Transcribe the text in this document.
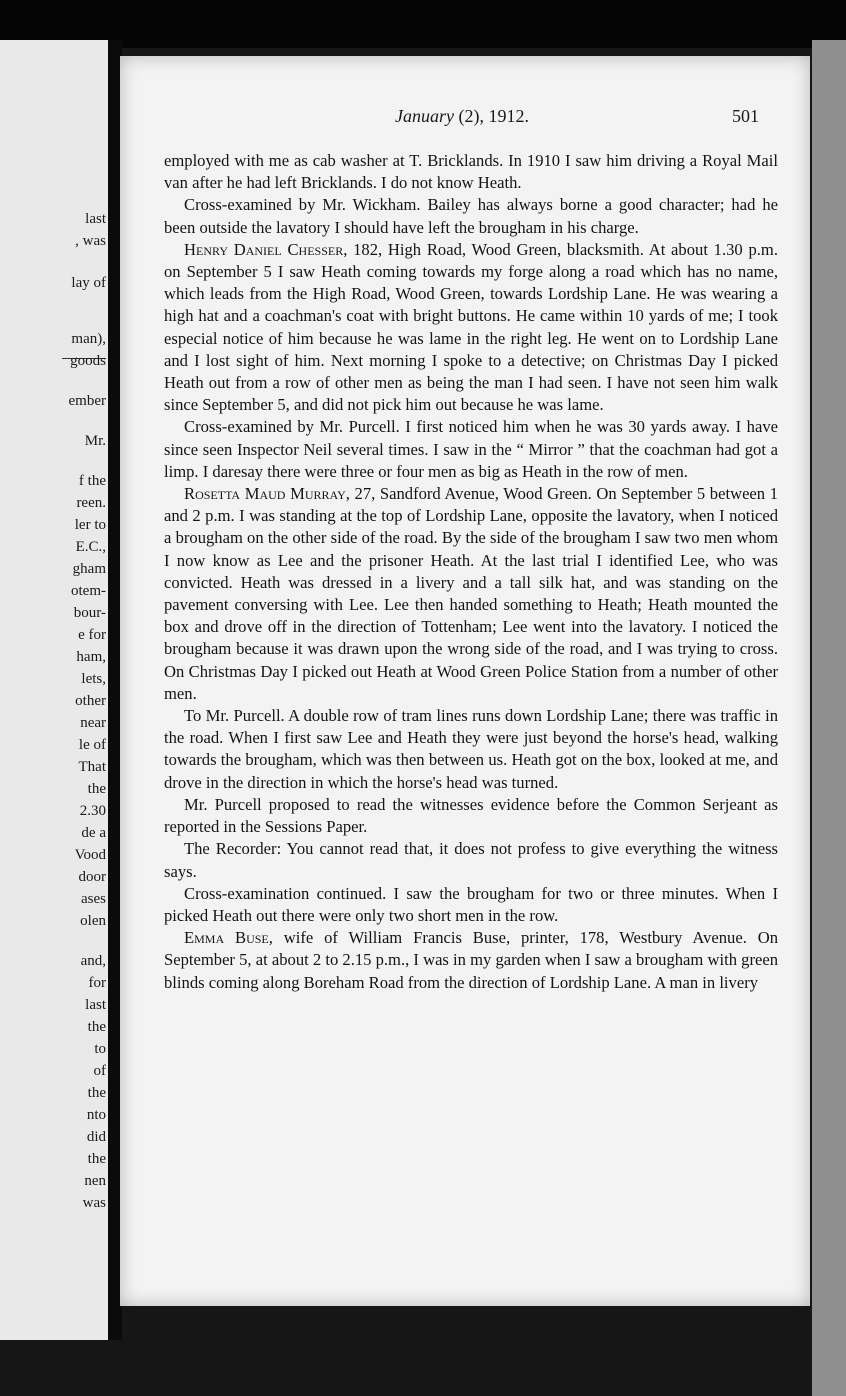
last
, was
lay of
man),
goods
ember
Mr.
f the
reen.
ler to
E.C.,
gham
otem-
bour-
e for
ham,
lets,
other
near
le of
That
the
2.30
de a
Vood
door
ases
olen
and,
for
last
the
to
of
the
nto
did
the
nen
was
January (2), 1912.	501

employed with me as cab washer at T. Bricklands. In 1910 I saw him driving a Royal Mail van after he had left Bricklands. I do not know Heath.

Cross-examined by Mr. Wickham. Bailey has always borne a good character; had he been outside the lavatory I should have left the brougham in his charge.

Henry Daniel Chesser, 182, High Road, Wood Green, blacksmith. At about 1.30 p.m. on September 5 I saw Heath coming towards my forge along a road which has no name, which leads from the High Road, Wood Green, towards Lordship Lane. He was wearing a high hat and a coachman's coat with bright buttons. He came within 10 yards of me; I took especial notice of him because he was lame in the right leg. He went on to Lordship Lane and I lost sight of him. Next morning I spoke to a detective; on Christmas Day I picked Heath out from a row of other men as being the man I had seen. I have not seen him walk since September 5, and did not pick him out because he was lame.

Cross-examined by Mr. Purcell. I first noticed him when he was 30 yards away. I have since seen Inspector Neil several times. I saw in the “ Mirror ” that the coachman had got a limp. I daresay there were three or four men as big as Heath in the row of men.

Rosetta Maud Murray, 27, Sandford Avenue, Wood Green. On September 5 between 1 and 2 p.m. I was standing at the top of Lordship Lane, opposite the lavatory, when I noticed a brougham on the other side of the road. By the side of the brougham I saw two men whom I now know as Lee and the prisoner Heath. At the last trial I identified Lee, who was convicted. Heath was dressed in a livery and a tall silk hat, and was standing on the pavement conversing with Lee. Lee then handed something to Heath; Heath mounted the box and drove off in the direction of Tottenham; Lee went into the lavatory. I noticed the brougham because it was drawn upon the wrong side of the road, and I was trying to cross. On Christmas Day I picked out Heath at Wood Green Police Station from a number of other men.

To Mr. Purcell. A double row of tram lines runs down Lordship Lane; there was traffic in the road. When I first saw Lee and Heath they were just beyond the horse's head, walking towards the brougham, which was then between us. Heath got on the box, looked at me, and drove in the direction in which the horse's head was turned.

Mr. Purcell proposed to read the witnesses evidence before the Common Serjeant as reported in the Sessions Paper.

The Recorder: You cannot read that, it does not profess to give everything the witness says.

Cross-examination continued. I saw the brougham for two or three minutes. When I picked Heath out there were only two short men in the row.

Emma Buse, wife of William Francis Buse, printer, 178, Westbury Avenue. On September 5, at about 2 to 2.15 p.m., I was in my garden when I saw a brougham with green blinds coming along Boreham Road from the direction of Lordship Lane. A man in livery
